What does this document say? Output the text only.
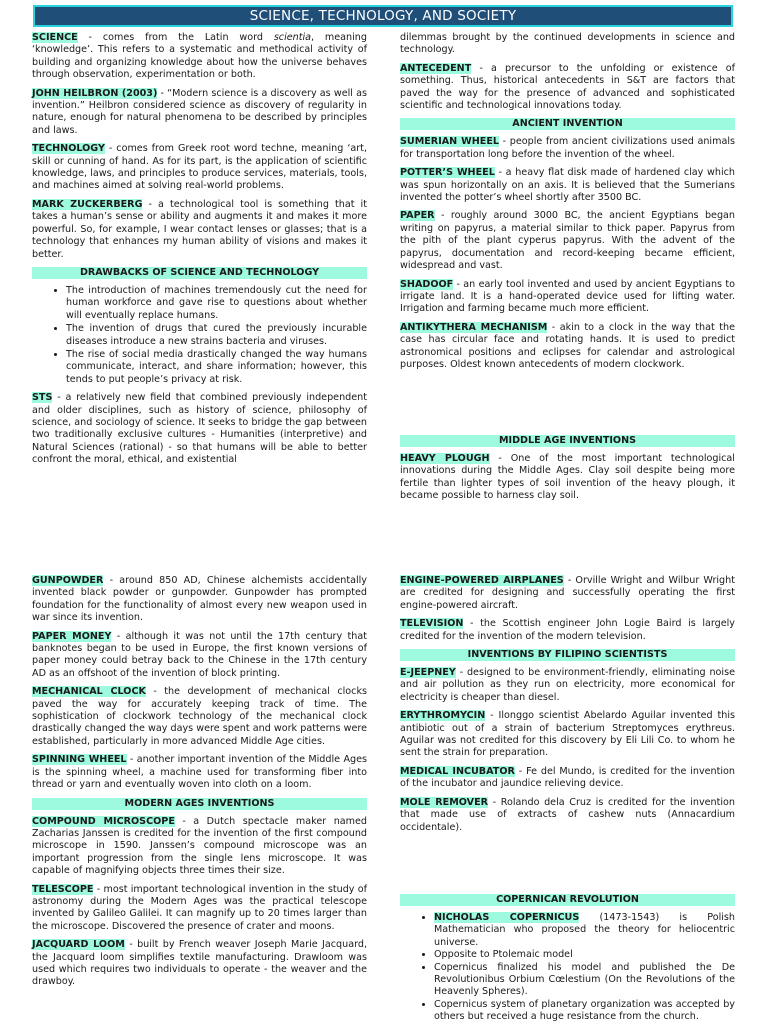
SCIENCE, TECHNOLOGY, AND SOCIETY

SCIENCE - comes from the Latin word scientia, meaning ‘knowledge’. This refers to a systematic and methodical activity of building and organizing knowledge about how the universe behaves through observation, experimentation or both.

JOHN HEILBRON (2003) - “Modern science is a discovery as well as invention.” Heilbron considered science as discovery of regularity in nature, enough for natural phenomena to be described by principles and laws.

TECHNOLOGY - comes from Greek root word techne, meaning ‘art, skill or cunning of hand. As for its part, is the application of scientific knowledge, laws, and principles to produce services, materials, tools, and machines aimed at solving real-world problems.

MARK ZUCKERBERG - a technological tool is something that it takes a human’s sense or ability and augments it and makes it more powerful. So, for example, I wear contact lenses or glasses; that is a technology that enhances my human ability of visions and makes it better.

DRAWBACKS OF SCIENCE AND TECHNOLOGY
• The introduction of machines tremendously cut the need for human workforce and gave rise to questions about whether will eventually replace humans.
• The invention of drugs that cured the previously incurable diseases introduce a new strains bacteria and viruses.
• The rise of social media drastically changed the way humans communicate, interact, and share information; however, this tends to put people’s privacy at risk.

STS - a relatively new field that combined previously independent and older disciplines, such as history of science, philosophy of science, and sociology of science. It seeks to bridge the gap between two traditionally exclusive cultures - Humanities (interpretive) and Natural Sciences (rational) - so that humans will be able to better confront the moral, ethical, and existential

dilemmas brought by the continued developments in science and technology.

ANTECEDENT - a precursor to the unfolding or existence of something. Thus, historical antecedents in S&T are factors that paved the way for the presence of advanced and sophisticated scientific and technological innovations today.

ANCIENT INVENTION

SUMERIAN WHEEL - people from ancient civilizations used animals for transportation long before the invention of the wheel.

POTTER’S WHEEL - a heavy flat disk made of hardened clay which was spun horizontally on an axis. It is believed that the Sumerians invented the potter’s wheel shortly after 3500 BC.

PAPER - roughly around 3000 BC, the ancient Egyptians began writing on papyrus, a material similar to thick paper. Papyrus from the pith of the plant cyperus papyrus. With the advent of the papyrus, documentation and record-keeping became efficient, widespread and vast.

SHADOOF - an early tool invented and used by ancient Egyptians to irrigate land. It is a hand-operated device used for lifting water. Irrigation and farming became much more efficient.

ANTIKYTHERA MECHANISM - akin to a clock in the way that the case has circular face and rotating hands. It is used to predict astronomical positions and eclipses for calendar and astrological purposes. Oldest known antecedents of modern clockwork.

MIDDLE AGE INVENTIONS

HEAVY PLOUGH - One of the most important technological innovations during the Middle Ages. Clay soil despite being more fertile than lighter types of soil invention of the heavy plough, it became possible to harness clay soil.

GUNPOWDER - around 850 AD, Chinese alchemists accidentally invented black powder or gunpowder. Gunpowder has prompted foundation for the functionality of almost every new weapon used in war since its invention.

PAPER MONEY - although it was not until the 17th century that banknotes began to be used in Europe, the first known versions of paper money could betray back to the Chinese in the 17th century AD as an offshoot of the invention of block printing.

MECHANICAL CLOCK - the development of mechanical clocks paved the way for accurately keeping track of time. The sophistication of clockwork technology of the mechanical clock drastically changed the way days were spent and work patterns were established, particularly in more advanced Middle Age cities.

SPINNING WHEEL - another important invention of the Middle Ages is the spinning wheel, a machine used for transforming fiber into thread or yarn and eventually woven into cloth on a loom.

MODERN AGES INVENTIONS

COMPOUND MICROSCOPE - a Dutch spectacle maker named Zacharias Janssen is credited for the invention of the first compound microscope in 1590. Janssen’s compound microscope was an important progression from the single lens microscope. It was capable of magnifying objects three times their size.

TELESCOPE - most important technological invention in the study of astronomy during the Modern Ages was the practical telescope invented by Galileo Galilei. It can magnify up to 20 times larger than the microscope. Discovered the presence of crater and moons.

JACQUARD LOOM - built by French weaver Joseph Marie Jacquard, the Jacquard loom simplifies textile manufacturing. Drawloom was used which requires two individuals to operate - the weaver and the drawboy.

ENGINE-POWERED AIRPLANES - Orville Wright and Wilbur Wright are credited for designing and successfully operating the first engine-powered aircraft.

TELEVISION - the Scottish engineer John Logie Baird is largely credited for the invention of the modern television.

INVENTIONS BY FILIPINO SCIENTISTS

E-JEEPNEY - designed to be environment-friendly, eliminating noise and air pollution as they run on electricity, more economical for electricity is cheaper than diesel.

ERYTHROMYCIN - Ilonggo scientist Abelardo Aguilar invented this antibiotic out of a strain of bacterium Streptomyces erythreus. Aguilar was not credited for this discovery by Eli Lili Co. to whom he sent the strain for preparation.

MEDICAL INCUBATOR - Fe del Mundo, is credited for the invention of the incubator and jaundice relieving device.

MOLE REMOVER - Rolando dela Cruz is credited for the invention that made use of extracts of cashew nuts (Annacardium occidentale).

COPERNICAN REVOLUTION
• NICHOLAS COPERNICUS (1473-1543) is Polish Mathematician who proposed the theory for heliocentric universe.
• Opposite to Ptolemaic model
• Copernicus finalized his model and published the De Revolutionibus Orbium Cœlestium (On the Revolutions of the Heavenly Spheres).
• Copernicus system of planetary organization was accepted by others but received a huge resistance from the church.
